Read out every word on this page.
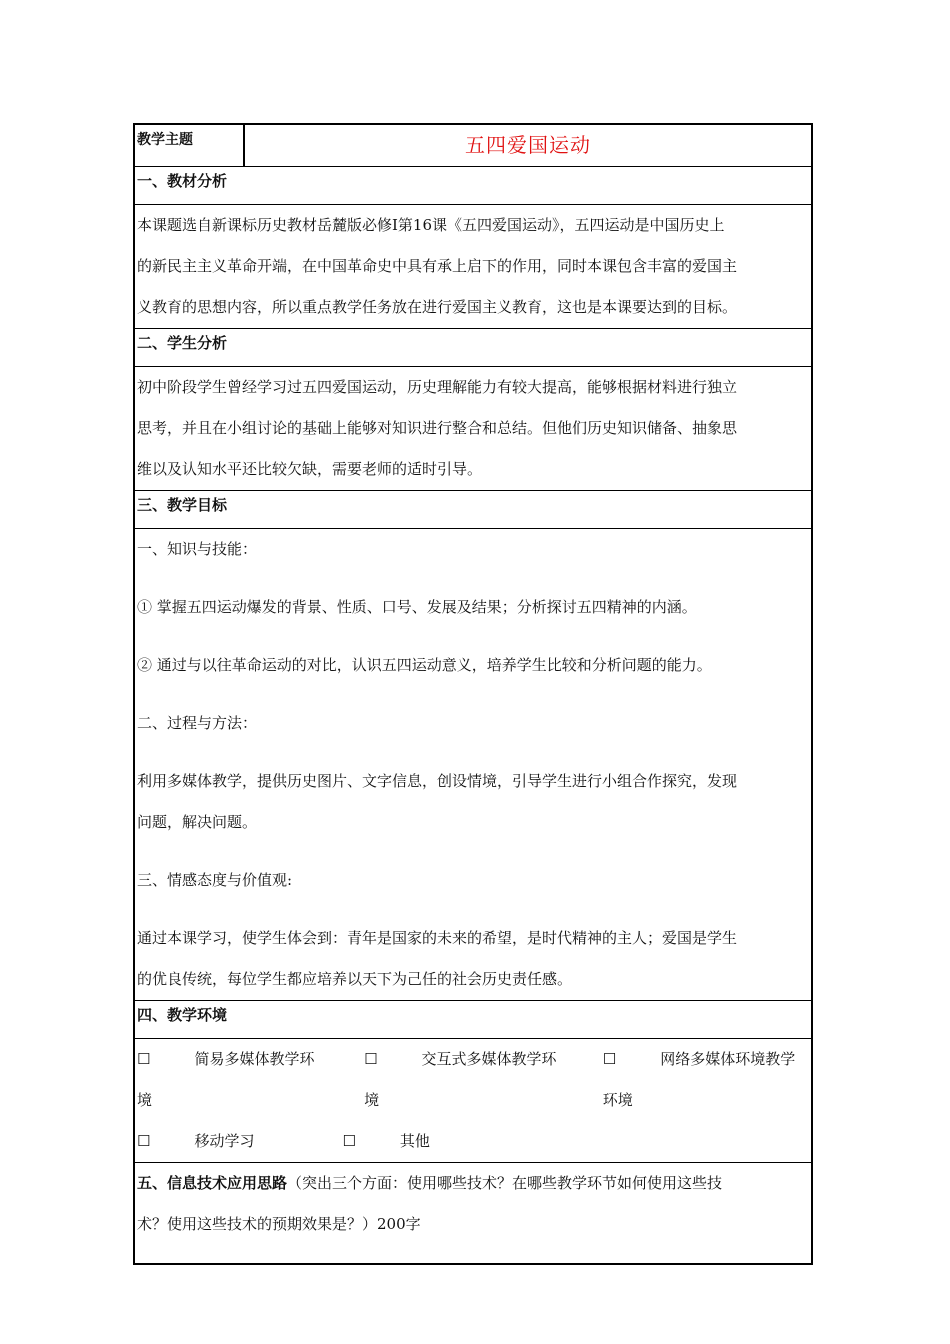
教学主题	五四爱国运动
一、教材分析

本课题选自新课标历史教材岳麓版必修Ⅰ第16课《五四爱国运动》，五四运动是中国历史上

的新民主主义革命开端，在中国革命史中具有承上启下的作用，同时本课包含丰富的爱国主

义教育的思想内容，所以重点教学任务放在进行爱国主义教育，这也是本课要达到的目标。

二、学生分析

初中阶段学生曾经学习过五四爱国运动，历史理解能力有较大提高，能够根据材料进行独立

思考，并且在小组讨论的基础上能够对知识进行整合和总结。但他们历史知识储备、抽象思

维以及认知水平还比较欠缺，需要老师的适时引导。

三、教学目标

一、知识与技能：

① 掌握五四运动爆发的背景、性质、口号、发展及结果；分析探讨五四精神的内涵。

② 通过与以往革命运动的对比，认识五四运动意义，培养学生比较和分析问题的能力。

二、过程与方法：

利用多媒体教学，提供历史图片、文字信息，创设情境，引导学生进行小组合作探究，发现

问题，解决问题。

三、情感态度与价值观:

通过本课学习，使学生体会到：青年是国家的未来的希望，是时代精神的主人；爱国是学生

的优良传统，每位学生都应培养以天下为己任的社会历史责任感。

四、教学环境
☐	简易多媒体教学环境
☐	交互式多媒体教学环境
☐	网络多媒体环境教学环境
☐	移动学习	☐	其他

五、信息技术应用思路（突出三个方面：使用哪些技术？在哪些教学环节如何使用这些技

术？使用这些技术的预期效果是？）200字
